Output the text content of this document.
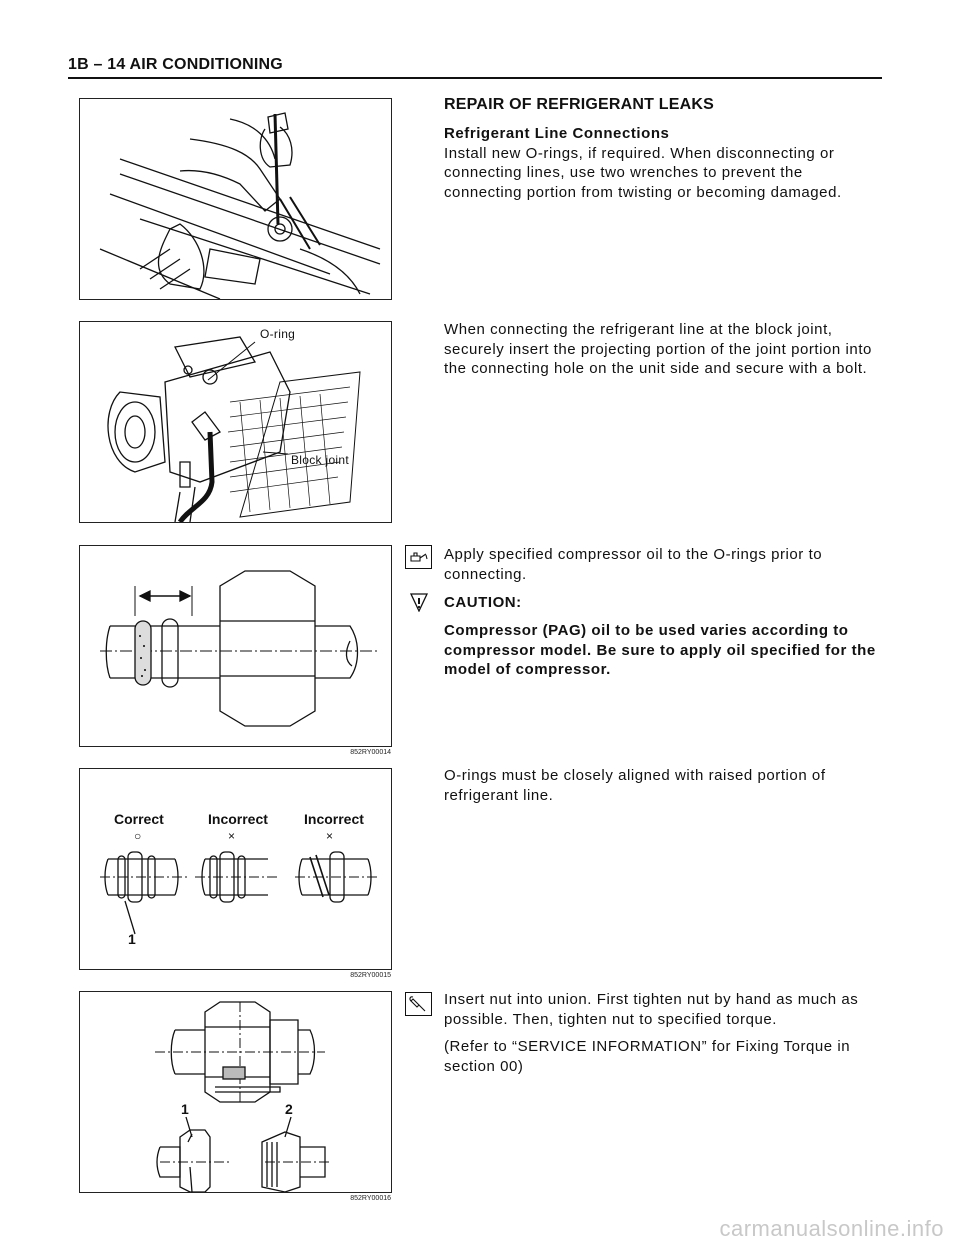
1B – 14 AIR CONDITIONING
REPAIR OF REFRIGERANT LEAKS

Refrigerant Line Connections

Install new O-rings, if required. When disconnecting or connecting lines, use two wrenches to prevent the connecting portion from twisting or becoming damaged.

O-ring
Block joint

When connecting the refrigerant line at the block joint, securely insert the projecting portion of the joint portion into the connecting hole on the unit side and secure with a bolt.

852RY00014

Apply specified compressor oil to the O-rings prior to connecting.

CAUTION:
Compressor (PAG) oil to be used varies according to compressor model. Be sure to apply oil specified for the model of compressor.
Correct	Incorrect	Incorrect
○	×	×
1
852RY00015

O-rings must be closely aligned with raised portion of refrigerant line.

1	2
852RY00016

Insert nut into union. First tighten nut by hand as much as possible. Then, tighten nut to specified torque.

(Refer to “SERVICE INFORMATION” for Fixing Torque in section 00)

carmanualsonline.info
